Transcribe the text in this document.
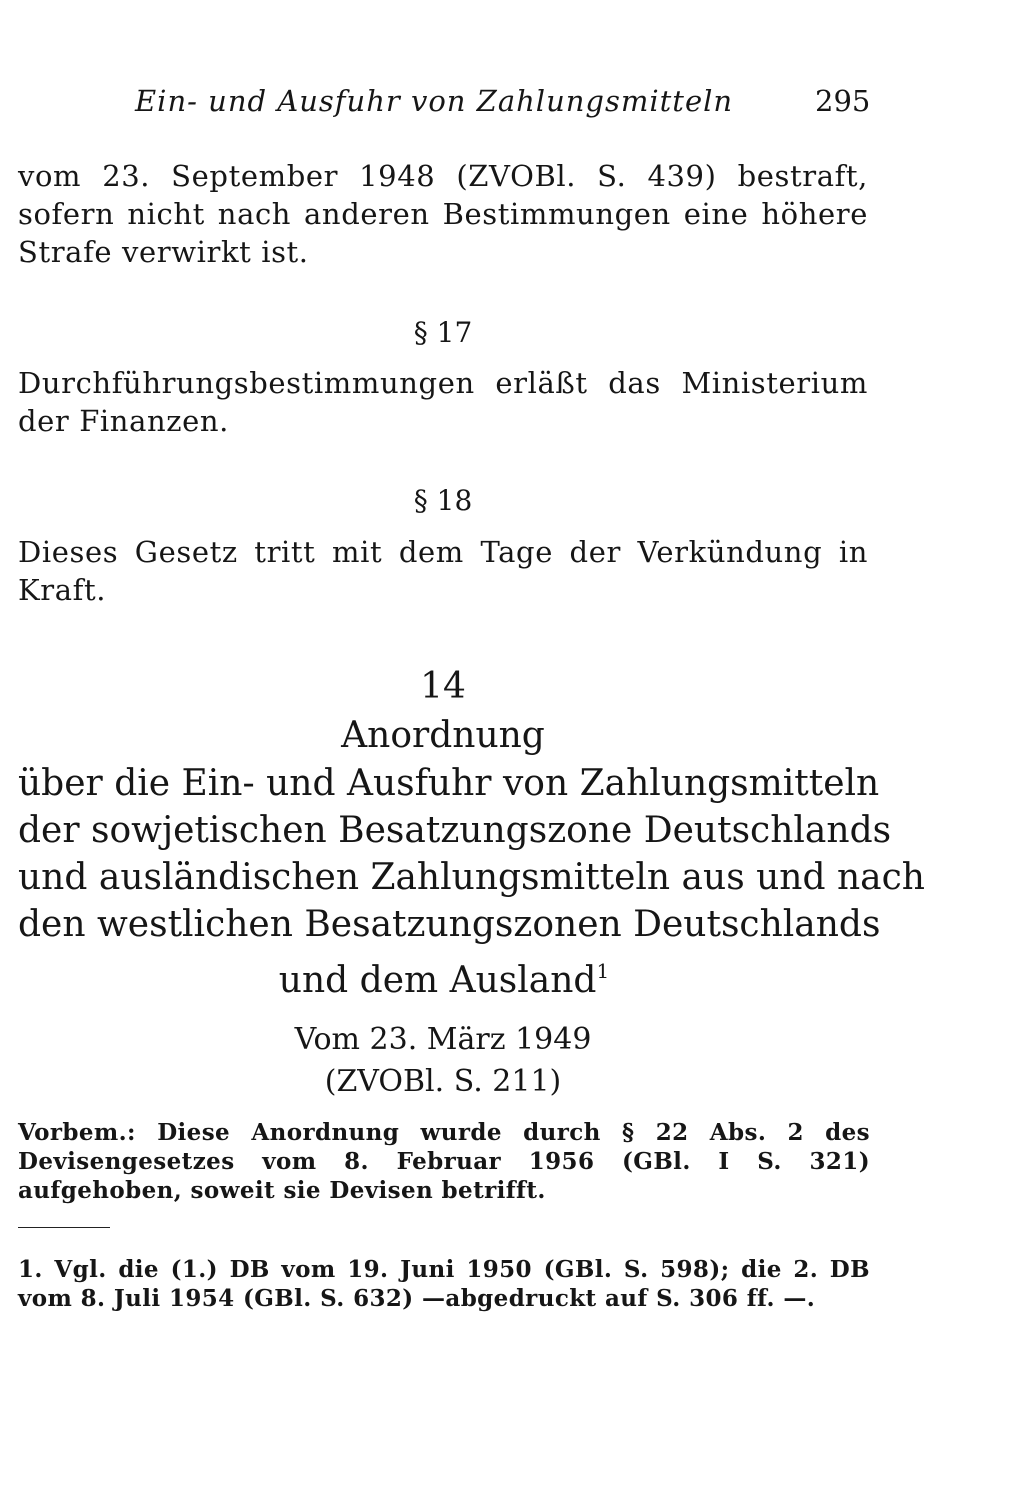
Ein- und Ausfuhr von Zahlungsmitteln	295
vom 23. September 1948 (ZVOBl. S. 439) bestraft, sofern nicht nach anderen Bestimmungen eine höhere Strafe verwirkt ist.
§ 17
Durchführungsbestimmungen erläßt das Ministerium der Finanzen.
§ 18
Dieses Gesetz tritt mit dem Tage der Verkündung in Kraft.
14
Anordnung
über die Ein- und Ausfuhr von Zahlungsmitteln
der sowjetischen Besatzungszone Deutschlands
und ausländischen Zahlungsmitteln aus und nach
den westlichen Besatzungszonen Deutschlands
und dem Ausland$^1$
Vom 23. März 1949
(ZVOBl. S. 211)
Vorbem.: Diese Anordnung wurde durch § 22 Abs. 2 des Devisengesetzes vom 8. Februar 1956 (GBl. I S. 321) aufgehoben, soweit sie Devisen betrifft.
1. Vgl. die (1.) DB vom 19. Juni 1950 (GBl. S. 598); die 2. DB vom 8. Juli 1954 (GBl. S. 632) —abgedruckt auf S. 306 ff. —.
